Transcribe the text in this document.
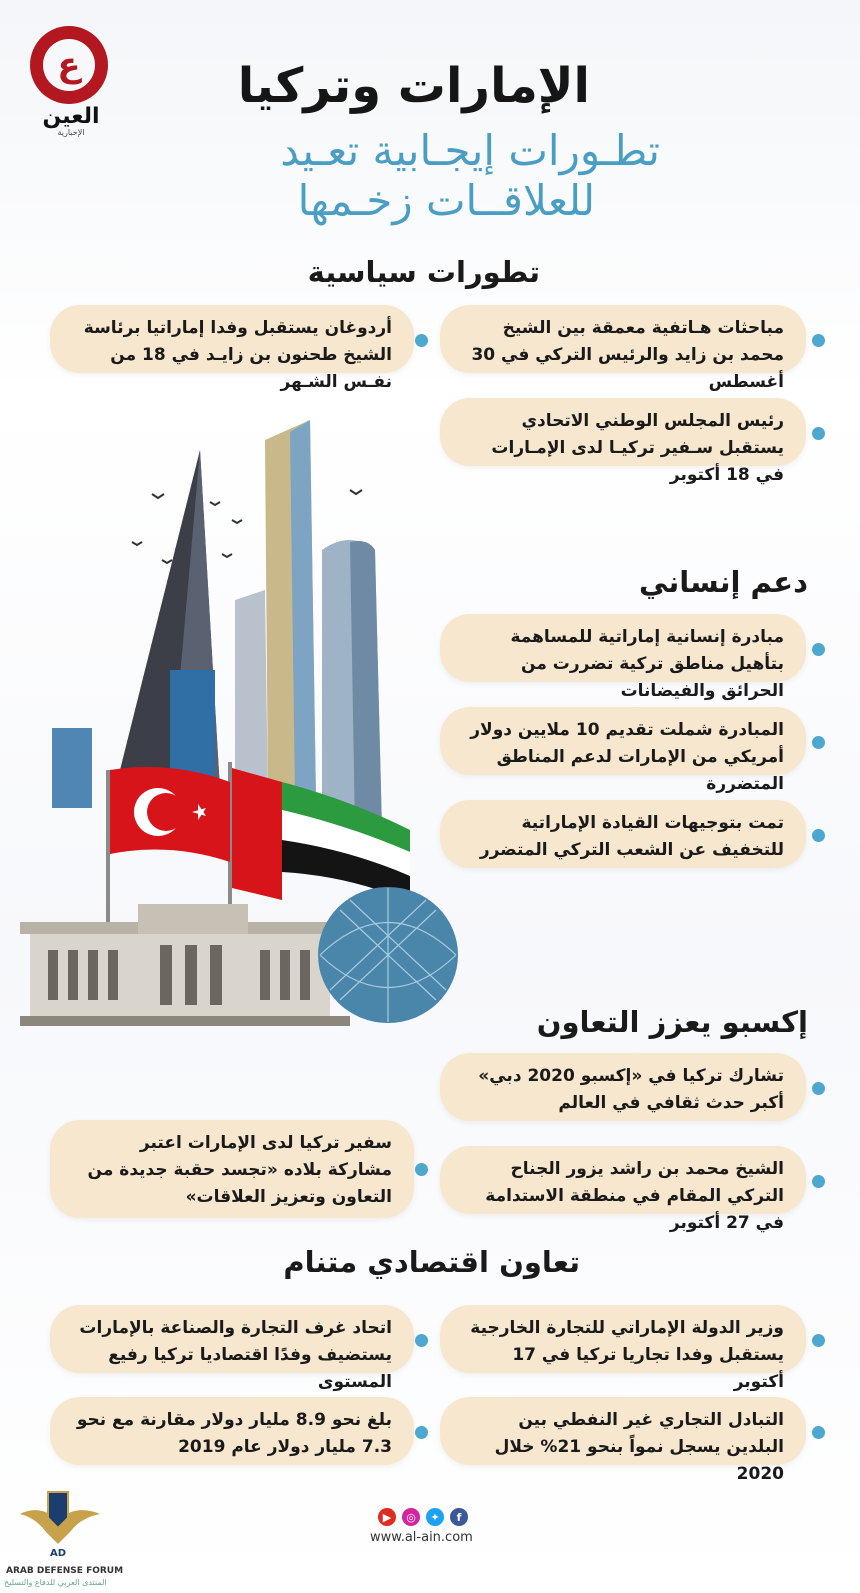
ع
العين
الإخبارية
الإمارات وتركيا
تطـورات إيجـابية تعـيد
للعلاقــات زخـمها
تطورات سياسية
مباحثات هـاتفية معمقة بين الشيخ محمد بن زايد والرئيس التركي في 30 أغسطس
أردوغان يستقبل وفدا إماراتيا برئاسة الشيخ طحنون بن زايـد في 18 من نفـس الشـهر
رئيس المجلس الوطني الاتحادي يستقبل سـفير تركيـا لدى الإمـارات في 18 أكتوبر
دعم إنساني
مبادرة إنسانية إماراتية للمساهمة بتأهيل مناطق تركية تضررت من الحرائق والفيضانات
المبادرة شملت تقديم 10 ملايين دولار أمريكي من الإمارات لدعم المناطق المتضررة
تمت بتوجيهات القيادة الإماراتية للتخفيف عن الشعب التركي المتضرر
إكسبو يعزز التعاون
تشارك تركيا في «إكسبو 2020 دبي» أكبر حدث ثقافي في العالم
سفير تركيا لدى الإمارات اعتبر مشاركة بلاده «تجسد حقبة جديدة من التعاون وتعزيز العلاقات»
الشيخ محمد بن راشد يزور الجناح التركي المقام في منطقة الاستدامة في 27 أكتوبر
تعاون اقتصادي متنام
وزير الدولة الإماراتي للتجارة الخارجية يستقبل وفدا تجاريا تركيا في 17 أكتوبر
اتحاد غرف التجارة والصناعة بالإمارات يستضيف وفدًا اقتصاديا تركيا رفيع المستوى
التبادل التجاري غير النفطي بين البلدين يسجل نمواً بنحو 21% خلال 2020
بلغ نحو 8.9 مليار دولار مقارنة مع نحو 7.3 مليار دولار عام 2019
▶	◎	✦	f
www.al-ain.com
AD
ARAB DEFENSE FORUM
المنتدى العربي للدفاع والتسليح
